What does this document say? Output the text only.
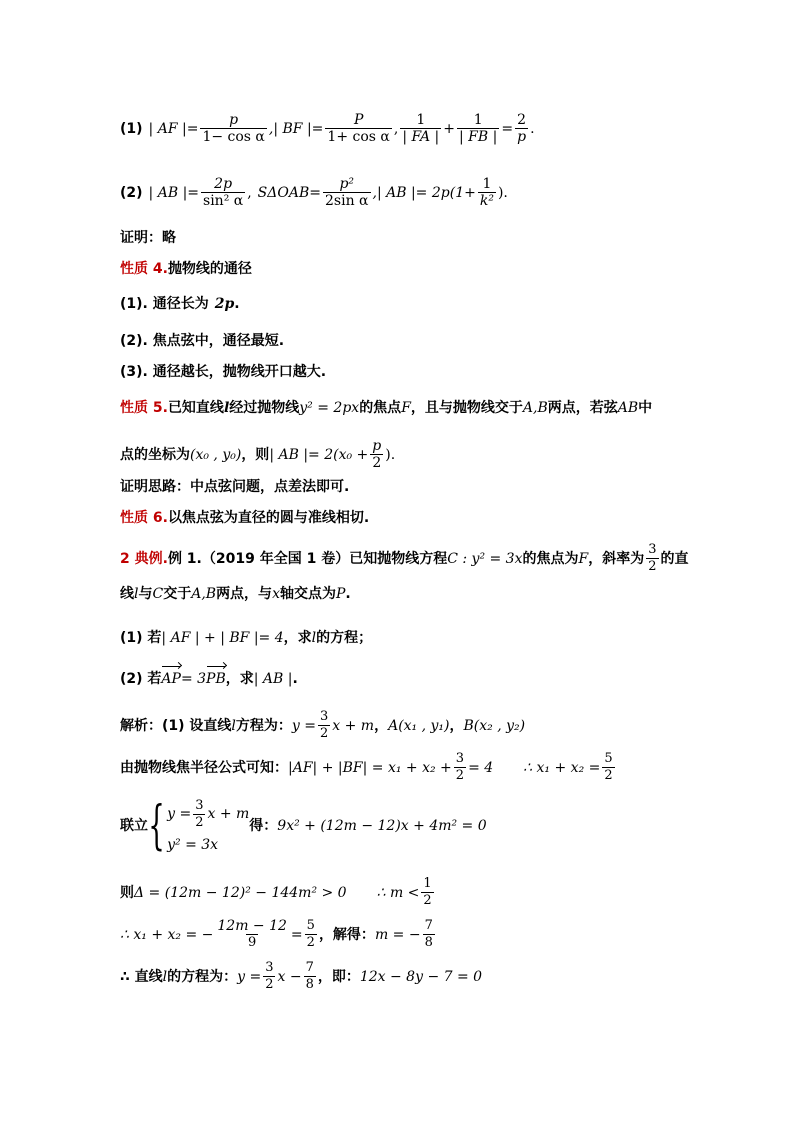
(1) | AF |= $\frac{p}{\text{1− cos α}}$ ,| BF |= $\frac{P}{\text{1+ cos α}}$ , $\frac{1}{| FA |} + \frac{1}{| FB |} = \frac{2}{p}$ .
(2) | AB |= $\frac{2p}{\text{sin² α}}$ , S $\Delta OAB = \frac{\text{p²}}{\text{2sin α}}$ ,| AB |= $2p(1+ \frac{1}{\text{k²}}$ ).
证明：略
性质 4. 抛物线的通径
(1). 通径长为 2p .
(2). 焦点弦中，通径最短.
(3). 通径越长，抛物线开口越大.
性质 5. 已知直线 l 经过抛物线 y² = 2px 的焦点 F ，且与抛物线交于 A,B 两点，若弦 AB 中
点的坐标为 (x₀ , y₀) ，则 | AB |= $2(x_0 + \frac{p}{2}$ ).
证明思路：中点弦问题，点差法即可.
性质 6. 以焦点弦为直径的圆与准线相切.
2 典例. 例 1.（2019 年全国 1 卷）已知抛物线方程 C : y² = 3x 的焦点为 F ，斜率为 $\frac{3}{2}$ 的直
线 l 与 C 交于 A,B 两点，与 x 轴交点为 P .
(1) 若 | AF | + | BF |= 4 ，求 l 的方程；
(2) 若 AP = 3 PB ，求 | AB | .
解析：(1) 设直线 l 方程为： $y = \frac{3}{2}$ x + m ， A(x₁ , y₁) ， B(x₂ , y₂)
由抛物线焦半径公式可知： $|AF| + |BF| = x_1 + x_2 + \frac{3}{2} = 4$ ∴ $x_1 + x_2 = \frac{5}{2}$
联立 { $y = \frac{3}{2}$ x + m
y² = 3x
得： 9x² + (12m − 12)x + 4m² = 0
则 Δ = (12m − 12)² − 144m² > 0 ∴ $m < \frac{1}{2}$
∴ x₁ + x₂ = − $\frac{12m - 12}{9} = \frac{5}{2}$ ，解得： m = − $\frac{7}{8}$
∴ 直线 l 的方程为： $y = \frac{3}{2}$ $x - \frac{7}{8}$ ，即： 12x − 8y − 7 = 0
